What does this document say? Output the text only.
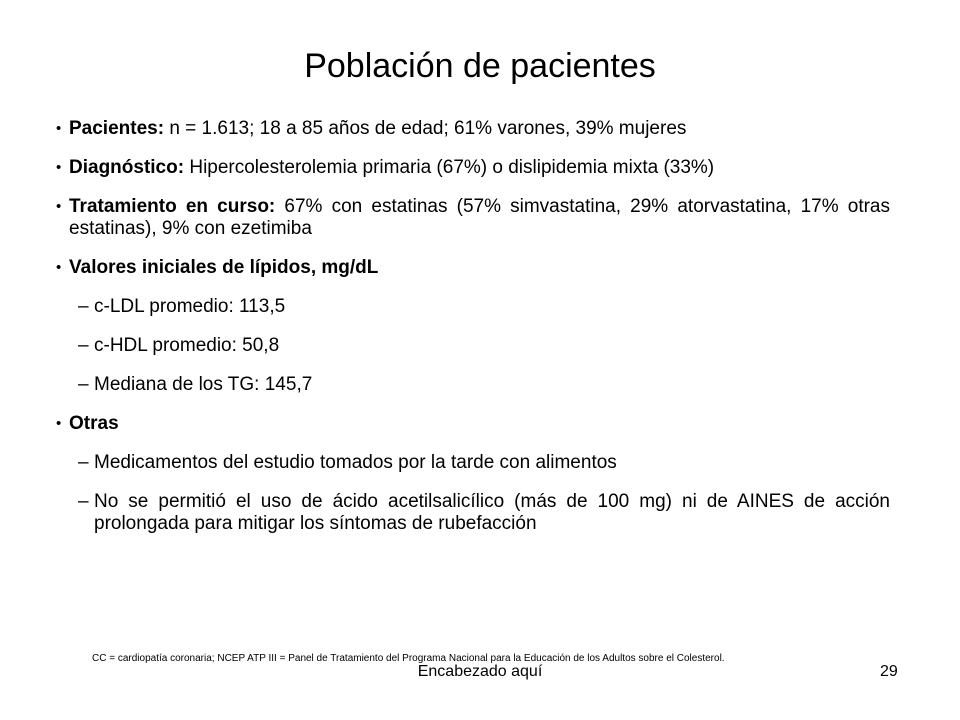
Población de pacientes
• Pacientes: n = 1.613; 18 a 85 años de edad; 61% varones, 39% mujeres
• Diagnóstico: Hipercolesterolemia primaria (67%) o dislipidemia mixta (33%)
• Tratamiento en curso: 67% con estatinas (57% simvastatina, 29% atorvastatina, 17% otras estatinas), 9% con ezetimiba
• Valores iniciales de lípidos, mg/dL
– c-LDL promedio: 113,5
– c-HDL promedio: 50,8
– Mediana de los TG: 145,7
• Otras
– Medicamentos del estudio tomados por la tarde con alimentos
– No se permitió el uso de ácido acetilsalicílico (más de 100 mg) ni de AINES de acción prolongada para mitigar los síntomas de rubefacción
CC = cardiopatía coronaria; NCEP ATP III = Panel de Tratamiento del Programa Nacional para la Educación de los Adultos sobre el Colesterol.
Encabezado aquí	29
